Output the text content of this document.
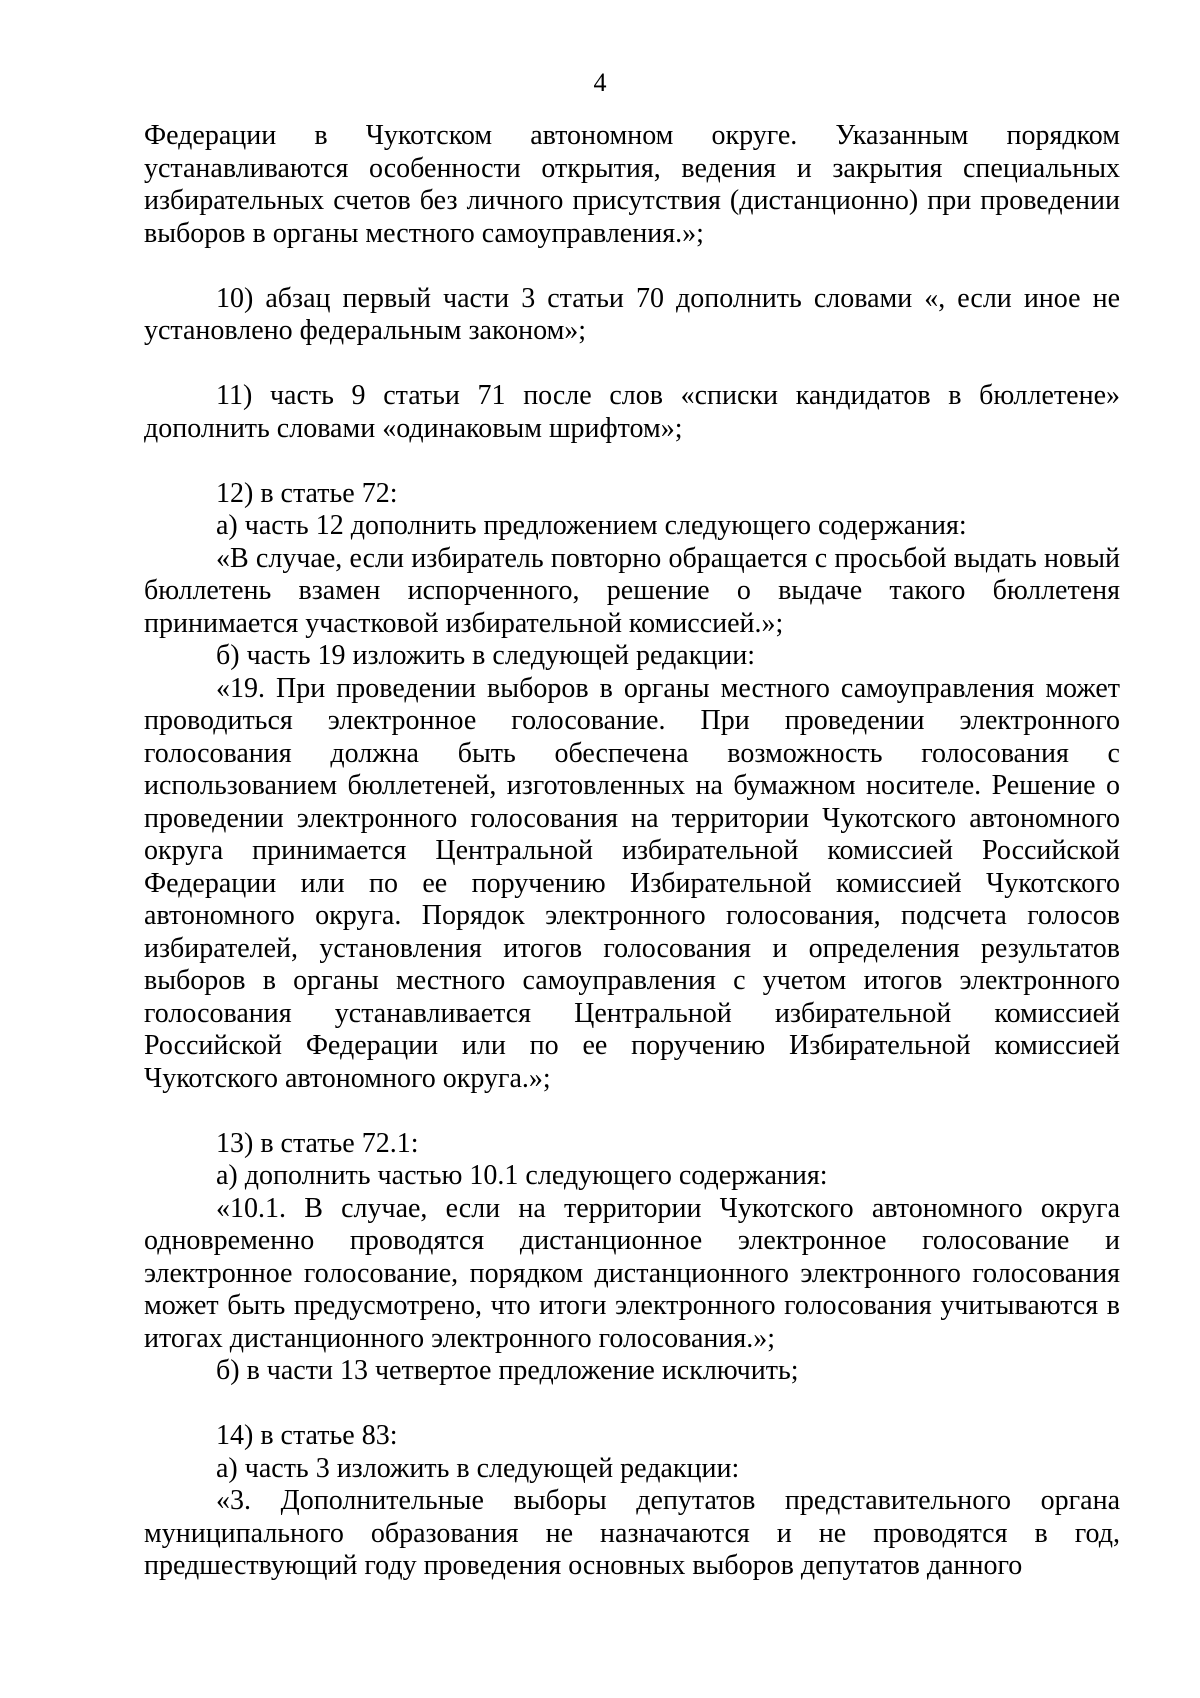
4

Федерации в Чукотском автономном округе. Указанным порядком устанавливаются особенности открытия, ведения и закрытия специальных избирательных счетов без личного присутствия (дистанционно) при проведении выборов в органы местного самоуправления.»;

10) абзац первый части 3 статьи 70 дополнить словами «, если иное не установлено федеральным законом»;

11) часть 9 статьи 71 после слов «списки кандидатов в бюллетене» дополнить словами «одинаковым шрифтом»;

12) в статье 72:

а) часть 12 дополнить предложением следующего содержания:

«В случае, если избиратель повторно обращается с просьбой выдать новый бюллетень взамен испорченного, решение о выдаче такого бюллетеня принимается участковой избирательной комиссией.»;

б) часть 19 изложить в следующей редакции:

«19. При проведении выборов в органы местного самоуправления может проводиться электронное голосование. При проведении электронного голосования должна быть обеспечена возможность голосования с использованием бюллетеней, изготовленных на бумажном носителе. Решение о проведении электронного голосования на территории Чукотского автономного округа принимается Центральной избирательной комиссией Российской Федерации или по ее поручению Избирательной комиссией Чукотского автономного округа. Порядок электронного голосования, подсчета голосов избирателей, установления итогов голосования и определения результатов выборов в органы местного самоуправления с учетом итогов электронного голосования устанавливается Центральной избирательной комиссией Российской Федерации или по ее поручению Избирательной комиссией Чукотского автономного округа.»;

13) в статье 72.1:

а) дополнить частью 10.1 следующего содержания:

«10.1. В случае, если на территории Чукотского автономного округа одновременно проводятся дистанционное электронное голосование и электронное голосование, порядком дистанционного электронного голосования может быть предусмотрено, что итоги электронного голосования учитываются в итогах дистанционного электронного голосования.»;

б) в части 13 четвертое предложение исключить;

14) в статье 83:

а) часть 3 изложить в следующей редакции:

«3. Дополнительные выборы депутатов представительного органа муниципального образования не назначаются и не проводятся в год, предшествующий году проведения основных выборов депутатов данного
